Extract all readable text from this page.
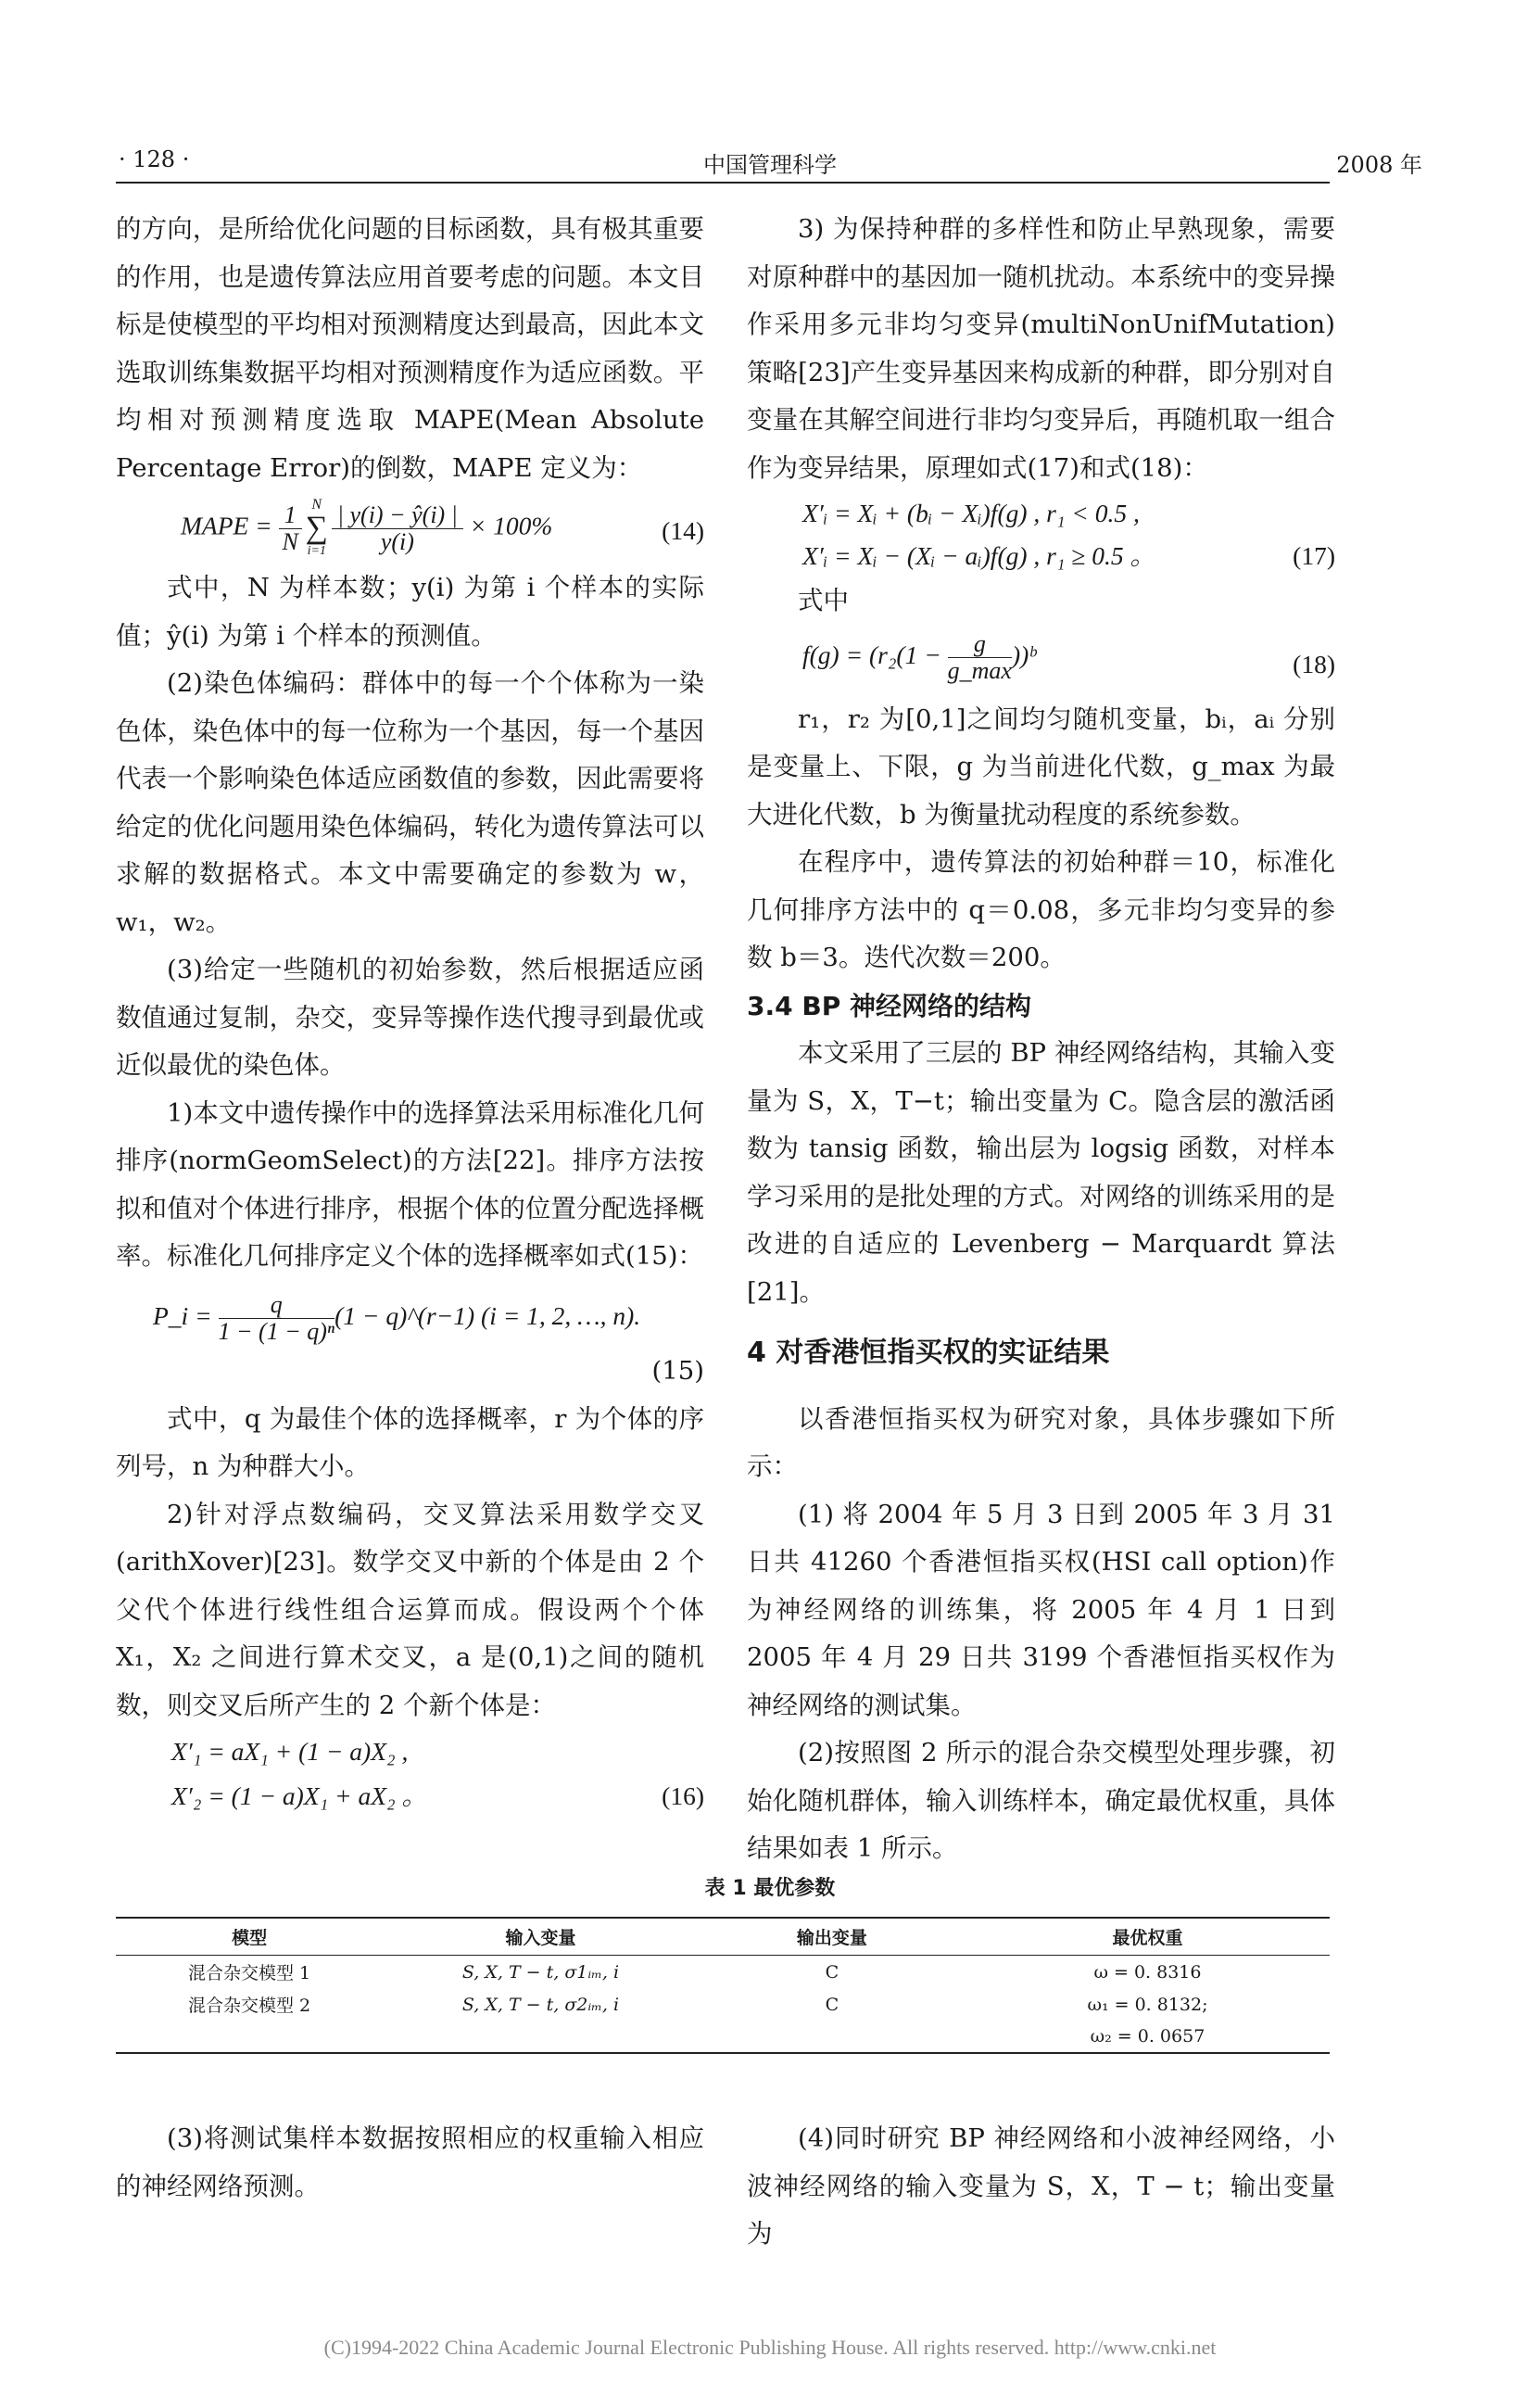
· 128 ·	中国管理科学	2008 年

的方向，是所给优化问题的目标函数，具有极其重要的作用，也是遗传算法应用首要考虑的问题。本文目标是使模型的平均相对预测精度达到最高，因此本文选取训练集数据平均相对预测精度作为适应函数。平均相对预测精度选取 MAPE(Mean Absolute Percentage Error)的倒数，MAPE 定义为：

MAPE = $\frac{1}{N}$ N
∑
$i=1 \frac{| y(i) - ŷ(i) |}{y(i)} \times 100\%$	(14)

式中，N 为样本数；y(i) 为第 i 个样本的实际值；ŷ(i) 为第 i 个样本的预测值。

(2)染色体编码：群体中的每一个个体称为一染色体，染色体中的每一位称为一个基因，每一个基因代表一个影响染色体适应函数值的参数，因此需要将给定的优化问题用染色体编码，转化为遗传算法可以求解的数据格式。本文中需要确定的参数为 w，w₁，w₂。

(3)给定一些随机的初始参数，然后根据适应函数值通过复制，杂交，变异等操作迭代搜寻到最优或近似最优的染色体。

1)本文中遗传操作中的选择算法采用标准化几何排序(normGeomSelect)的方法[22]。排序方法按拟和值对个体进行排序，根据个体的位置分配选择概率。标准化几何排序定义个体的选择概率如式(15)：

P_i = $\frac{q}{\text{1 − (1 − q)ⁿ}} (1$ − q)^(r−1) (i = 1, 2, …, n).
(15)

式中，q 为最佳个体的选择概率，r 为个体的序列号，n 为种群大小。

2)针对浮点数编码，交叉算法采用数学交叉(arithXover)[23]。数学交叉中新的个体是由 2 个父代个体进行线性组合运算而成。假设两个个体 X₁，X₂ 之间进行算术交叉，a 是(0,1)之间的随机数，则交叉后所产生的 2 个新个体是：

X′₁ = aX₁ + (1 − a)X₂ ,
X′₂ = (1 − a)X₁ + aX₂ 。	(16)

3) 为保持种群的多样性和防止早熟现象，需要对原种群中的基因加一随机扰动。本系统中的变异操作采用多元非均匀变异(multiNonUnifMutation)策略[23]产生变异基因来构成新的种群，即分别对自变量在其解空间进行非均匀变异后，再随机取一组合作为变异结果，原理如式(17)和式(18)：

X′ᵢ = Xᵢ + (bᵢ − Xᵢ)f(g) , r₁ < 0.5 ,
X′ᵢ = Xᵢ − (Xᵢ − aᵢ)f(g) , r₁ ≥ 0.5 。	(17)

式中

$f(g) = (r_2(1 - \frac{g}{g\_\max}$ ))ᵇ	(18)

r₁，r₂ 为[0,1]之间均匀随机变量，bᵢ，aᵢ 分别是变量上、下限，g 为当前进化代数，g_max 为最大进化代数，b 为衡量扰动程度的系统参数。

在程序中，遗传算法的初始种群＝10，标准化几何排序方法中的 q＝0.08，多元非均匀变异的参数 b＝3。迭代次数＝200。

3.4 BP 神经网络的结构

本文采用了三层的 BP 神经网络结构，其输入变量为 S，X，T−t；输出变量为 C。隐含层的激活函数为 tansig 函数，输出层为 logsig 函数，对样本学习采用的是批处理的方式。对网络的训练采用的是改进的自适应的 Levenberg − Marquardt 算法[21]。

4 对香港恒指买权的实证结果

以香港恒指买权为研究对象，具体步骤如下所示：

(1) 将 2004 年 5 月 3 日到 2005 年 3 月 31 日共 41260 个香港恒指买权(HSI call option)作为神经网络的训练集，将 2005 年 4 月 1 日到 2005 年 4 月 29 日共 3199 个香港恒指买权作为神经网络的测试集。

(2)按照图 2 所示的混合杂交模型处理步骤，初始化随机群体，输入训练样本，确定最优权重，具体结果如表 1 所示。

表 1 最优参数
模型	输入变量	输出变量	最优权重
混合杂交模型 1	S, X, T − t, σ1ᵢₘ, i	C	ω = 0. 8316
混合杂交模型 2	S, X, T − t, σ2ᵢₘ, i	C	ω₁ = 0. 8132;
			ω₂ = 0. 0657

(3)将测试集样本数据按照相应的权重输入相应的神经网络预测。

(4)同时研究 BP 神经网络和小波神经网络，小波神经网络的输入变量为 S，X，T − t；输出变量为

(C)1994-2022 China Academic Journal Electronic Publishing House. All rights reserved. http://www.cnki.net
